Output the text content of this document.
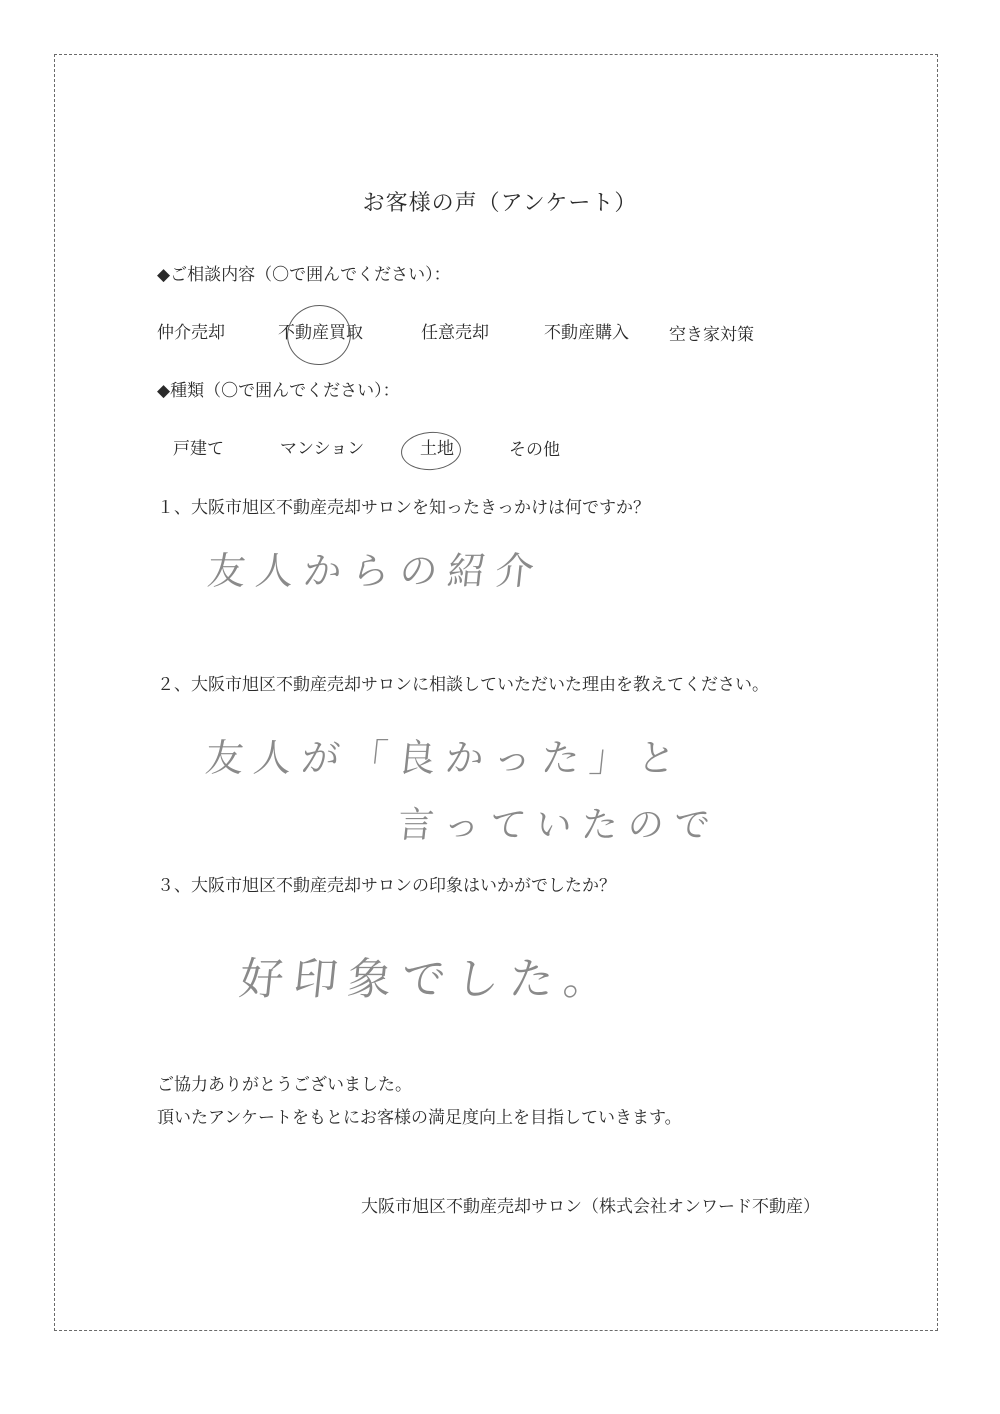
お客様の声（アンケート）
◆ご相談内容（〇で囲んでください）：
仲介売却	不動産買取	任意売却	不動産購入 空き家対策
◆種類（〇で囲んでください）：
戸建て	マンション	土地	その他
１、大阪市旭区不動産売却サロンを知ったきっかけは何ですか？
友人からの紹介
２、大阪市旭区不動産売却サロンに相談していただいた理由を教えてください。
友人が「良かった」と
言っていたので
３、大阪市旭区不動産売却サロンの印象はいかがでしたか？
好印象でした。
ご協力ありがとうございました。
頂いたアンケートをもとにお客様の満足度向上を目指していきます。
大阪市旭区不動産売却サロン（株式会社オンワード不動産）
